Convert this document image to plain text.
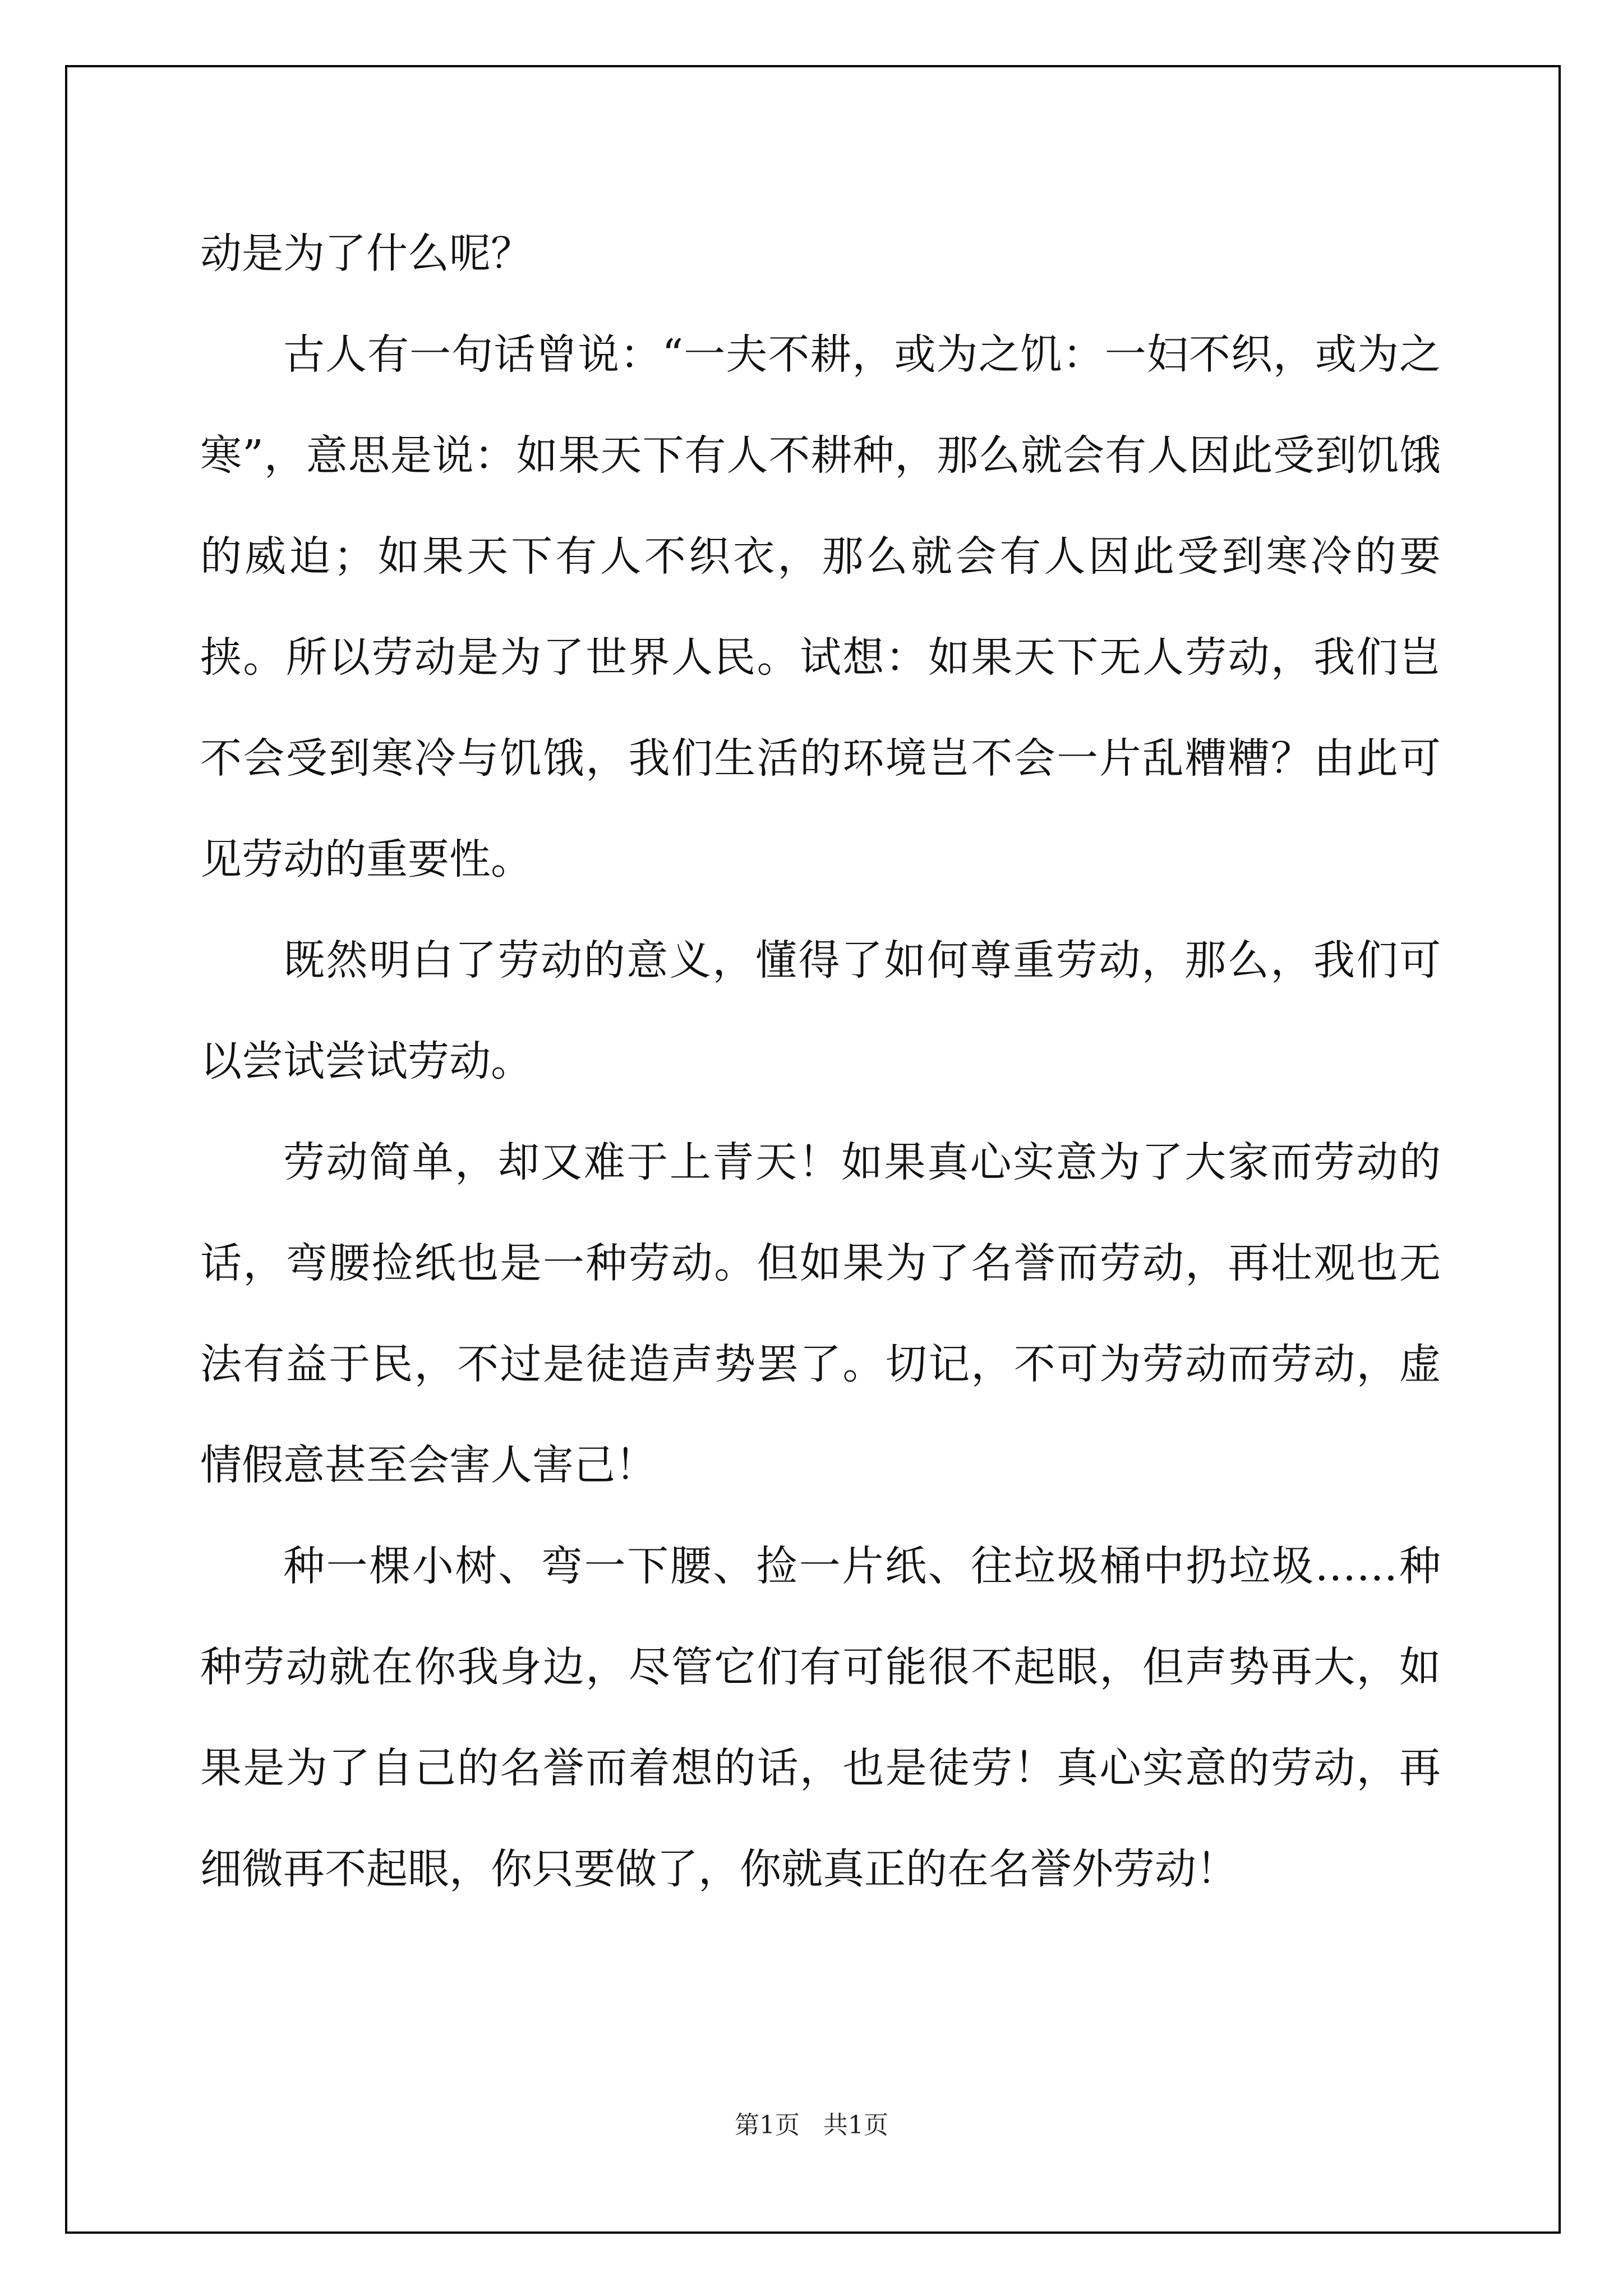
动是为了什么呢？

古人有一句话曾说：“一夫不耕，或为之饥：一妇不织，或为之寒”，意思是说：如果天下有人不耕种，那么就会有人因此受到饥饿的威迫；如果天下有人不织衣，那么就会有人因此受到寒冷的要挟。所以劳动是为了世界人民。试想：如果天下无人劳动，我们岂不会受到寒冷与饥饿，我们生活的环境岂不会一片乱糟糟？由此可见劳动的重要性。

既然明白了劳动的意义，懂得了如何尊重劳动，那么，我们可以尝试尝试劳动。

劳动简单，却又难于上青天！如果真心实意为了大家而劳动的话，弯腰捡纸也是一种劳动。但如果为了名誉而劳动，再壮观也无法有益于民，不过是徒造声势罢了。切记，不可为劳动而劳动，虚情假意甚至会害人害己！

种一棵小树、弯一下腰、捡一片纸、往垃圾桶中扔垃圾……种种劳动就在你我身边，尽管它们有可能很不起眼，但声势再大，如果是为了自己的名誉而着想的话，也是徒劳！真心实意的劳动，再细微再不起眼，你只要做了，你就真正的在名誉外劳动！

第1页   共1页
